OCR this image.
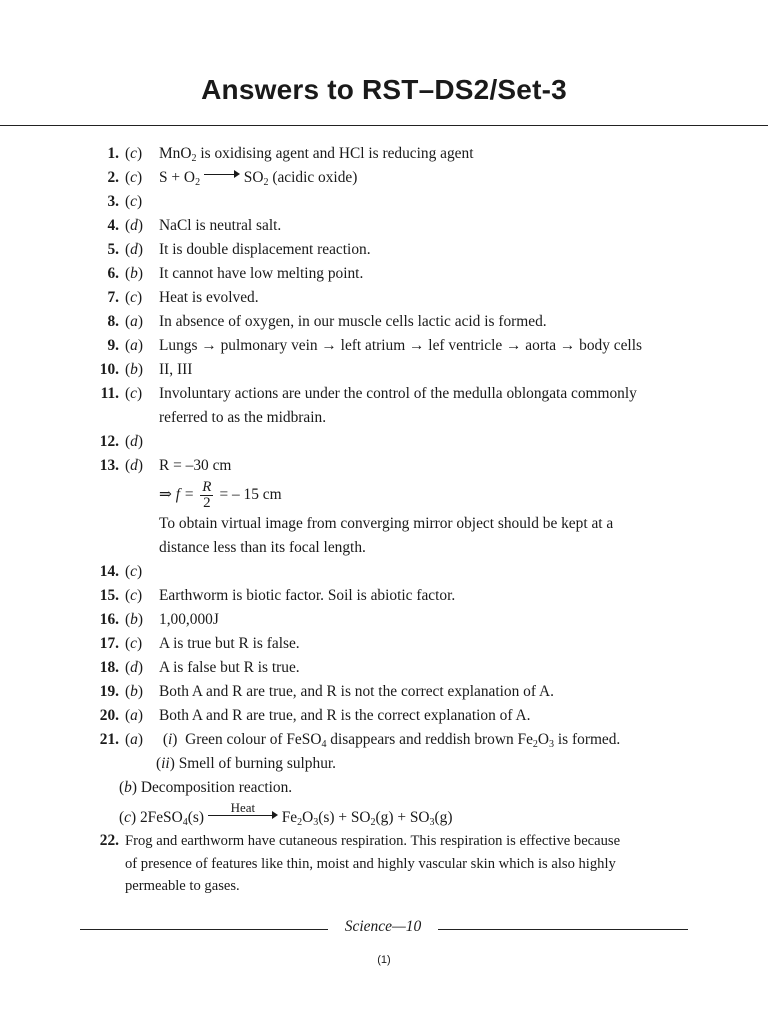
Answers to RST–DS2/Set-3
1. (c)	MnO$_2$ is oxidising agent and HCl is reducing agent
2. (c)	$S + O_2$	$SO_2$ (acidic oxide)
3. (c)
4. (d)	NaCl is neutral salt.
5. (d)	It is double displacement reaction.
6. (b)	It cannot have low melting point.
7. (c)	Heat is evolved.
8. (a)	In absence of oxygen, in our muscle cells lactic acid is formed.
9. (a)	Lungs → pulmonary vein → left atrium → lef ventricle → aorta → body cells
10. (b)	II, III
11. (c)	Involuntary actions are under the control of the medulla oblongata commonly
referred to as the midbrain.
12. (d)
13. (d)	R = –30 cm
⇒ $f = \frac{R}{2}$ = – 15 cm
To obtain virtual image from converging mirror object should be kept at a
distance less than its focal length.
14. (c)
15. (c)	Earthworm is biotic factor. Soil is abiotic factor.
16. (b)	1,00,000J
17. (c)	A is true but R is false.
18. (d)	A is false but R is true.
19. (b)	Both A and R are true, and R is not the correct explanation of A.
20. (a)	Both A and R are true, and R is the correct explanation of A.
21. (a)	(i)  Green colour of FeSO$_4$ disappears and reddish brown $Fe_2O_3$ is formed.
(ii) Smell of burning sulphur.
(b) Decomposition reaction.
(c) 2FeSO$_4$(s)
Heat
$Fe_2O_3(s) + SO_2(g) + SO_3(g)$
22. Frog and earthworm have cutaneous respiration. This respiration is effective because
of presence of features like thin, moist and highly vascular skin which is also highly
permeable to gases.
Science—10
(1)
